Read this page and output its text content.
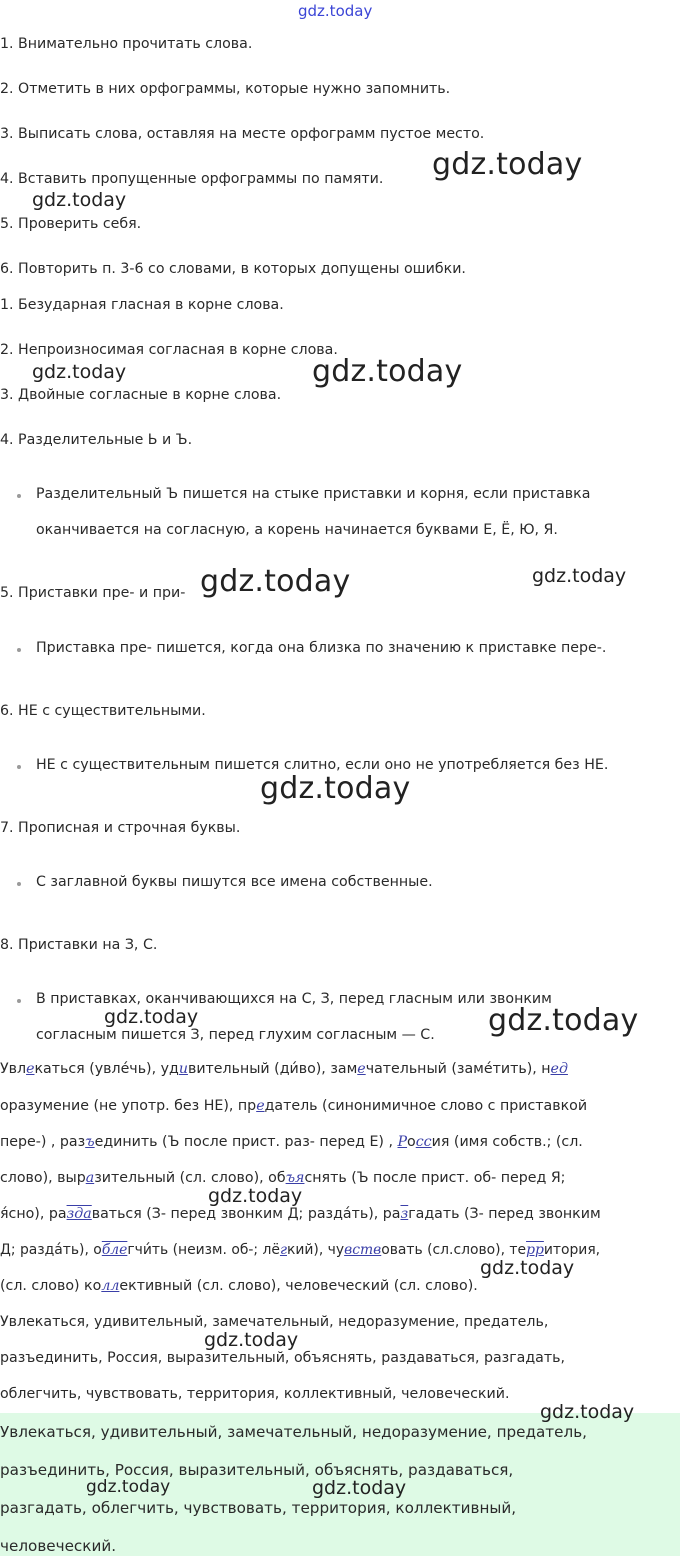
1. Внимательно прочитать слова.
2. Отметить в них орфограммы, которые нужно запомнить.
3. Выписать слова, оставляя на месте орфограмм пустое место.
4. Вставить пропущенные орфограммы по памяти.
5. Проверить себя.
6. Повторить п. 3-6 со словами, в которых допущены ошибки.
1. Безударная гласная в корне слова.
2. Непроизносимая согласная в корне слова.
3. Двойные согласные в корне слова.
4. Разделительные Ь и Ъ.
Разделительный Ъ пишется на стыке приставки и корня, если приставка
оканчивается на согласную, а корень начинается буквами Е, Ё, Ю, Я.
5. Приставки пре- и при-
Приставка пре- пишется, когда она близка по значению к приставке пере-.
6. НЕ с существительными.
НЕ с существительным пишется слитно, если оно не употребляется без НЕ.
7. Прописная и строчная буквы.
С заглавной буквы пишутся все имена собственные.
8. Приставки на З, С.
В приставках, оканчивающихся на С, З, перед гласным или звонким
согласным пишется З, перед глухим согласным — С.
Увлекаться (увле́чь), удивительный (ди́во), замечательный (заме́тить), нед
оразумение (не употр. без НЕ), предатель (синонимичное слово с приставкой
пере-) , разъединить (Ъ после прист. раз- перед Е) , Россия (имя собств.; (сл.
слово), выразительный (сл. слово), объяснять (Ъ после прист. об- перед Я;
я́сно), раздаваться (З- перед звонким Д; разда́ть), разгадать (З- перед звонким
Д; разда́ть), облегчи́ть (неизм. об-; лёгкий), чувствовать (сл.слово), территория,
(сл. слово) коллективный (сл. слово), человеческий (сл. слово).
Увлекаться, удивительный, замечательный, недоразумение, предатель,
разъединить, Россия, выразительный, объяснять, раздаваться, разгадать,
облегчить, чувствовать, территория, коллективный, человеческий.
Увлекаться, удивительный, замечательный, недоразумение, предатель,
разъединить, Россия, выразительный, объяснять, раздаваться,
разгадать, облегчить, чувствовать, территория, коллективный,
человеческий.
gdz.today
gdz.today
gdz.today
gdz.today	gdz.today
gdz.today	gdz.today
gdz.today
gdz.today	gdz.today
gdz.today
gdz.today
gdz.today
gdz.today
gdz.today	gdz.today
